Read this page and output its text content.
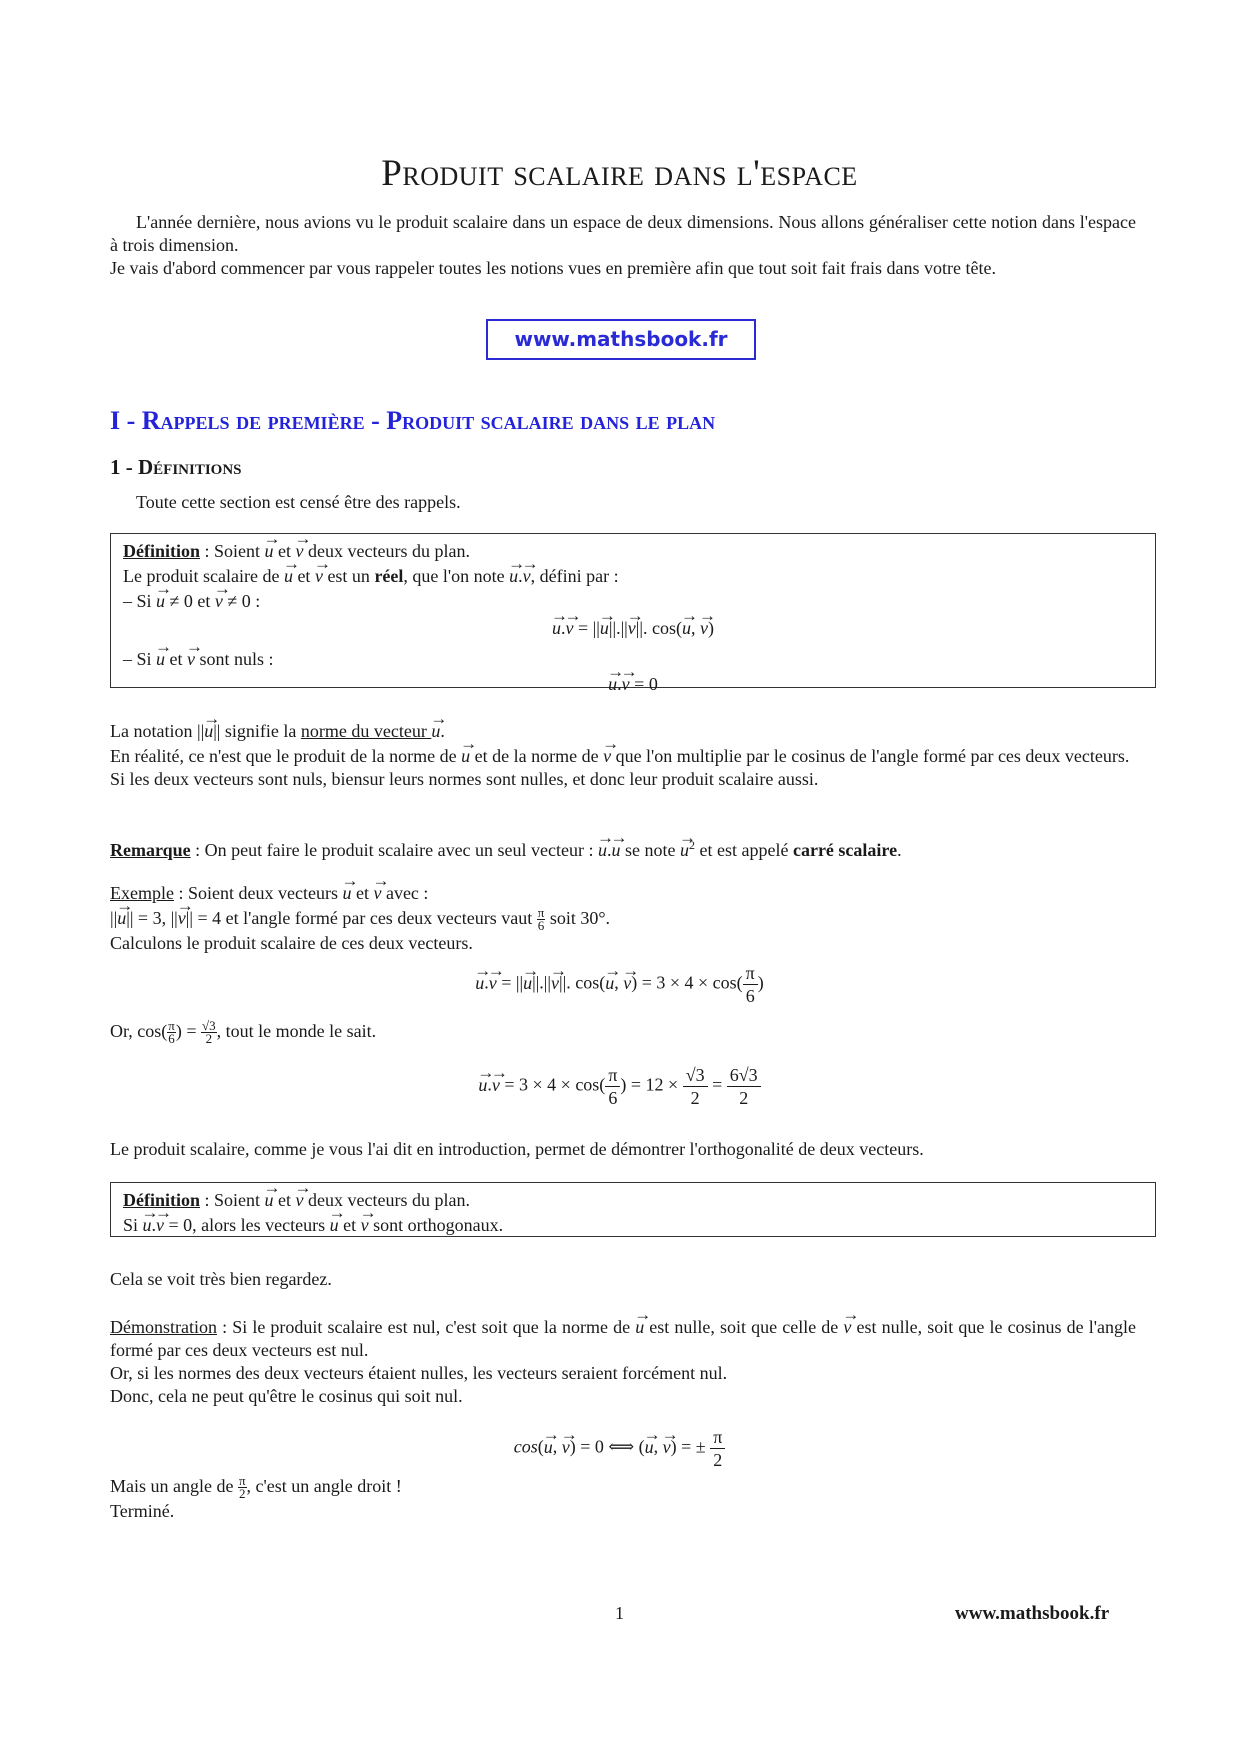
Produit scalaire dans l'espace

L'année dernière, nous avions vu le produit scalaire dans un espace de deux dimensions. Nous allons généraliser cette notion dans l'espace à trois dimension.

Je vais d'abord commencer par vous rappeler toutes les notions vues en première afin que tout soit fait frais dans votre tête.

www.mathsbook.fr
I - Rappels de première - Produit scalaire dans le plan
1 - Définitions

Toute cette section est censé être des rappels.

Définition : Soient → u et → v deux vecteurs du plan.

Le produit scalaire de → u et → v est un réel, que l'on note → u.→ v, défini par :

– Si → u ≠ 0 et → v ≠ 0 :

→ u.→ v = ||→ u||.||→ v||. cos(→ u, → v)

– Si → u et → v sont nuls :

→ u.→ v = 0

La notation ||→ u|| signifie la norme du vecteur → u.

En réalité, ce n'est que le produit de la norme de → u et de la norme de → v que l'on multiplie par le cosinus de l'angle formé par ces deux vecteurs.

Si les deux vecteurs sont nuls, biensur leurs normes sont nulles, et donc leur produit scalaire aussi.

Remarque : On peut faire le produit scalaire avec un seul vecteur : → u.→ u se note → $u^2$ et est appelé carré scalaire.

Exemple : Soient deux vecteurs → u et → v avec :

||→ u|| = 3, ||→ v|| = 4 et l'angle formé par ces deux vecteurs vaut $\frac{\pi}{6}$ soit 30°.

Calculons le produit scalaire de ces deux vecteurs.

→ u.→ v = ||→ u||.||→ v||. cos(→ u, → $v) = 3 \times 4 \times \cos( \frac{\pi}{6}$ )

Or, $\cos( \frac{\pi}{6}$ ) = $\frac{√3}{2}$ , tout le monde le sait.

→ $u.\to v = 3 \times 4 \times \cos( \frac{\pi}{6}$ ) = $12 \times \frac{√3}{2} = \frac{6√3}{2}$

Le produit scalaire, comme je vous l'ai dit en introduction, permet de démontrer l'orthogonalité de deux vecteurs.

Définition : Soient → u et → v deux vecteurs du plan.

Si → u.→ v = 0, alors les vecteurs → u et → v sont orthogonaux.

Cela se voit très bien regardez.

Démonstration : Si le produit scalaire est nul, c'est soit que la norme de → u est nulle, soit que celle de → v est nulle, soit que le cosinus de l'angle formé par ces deux vecteurs est nul.

Or, si les normes des deux vecteurs étaient nulles, les vecteurs seraient forcément nul.

Donc, cela ne peut qu'être le cosinus qui soit nul.

cos(→ u, → v) = 0 ⟺ (→ u, → v) = ± $\frac{\pi}{2}$

Mais un angle de $\frac{\pi}{2}$ , c'est un angle droit !

Terminé.

1	www.mathsbook.fr
